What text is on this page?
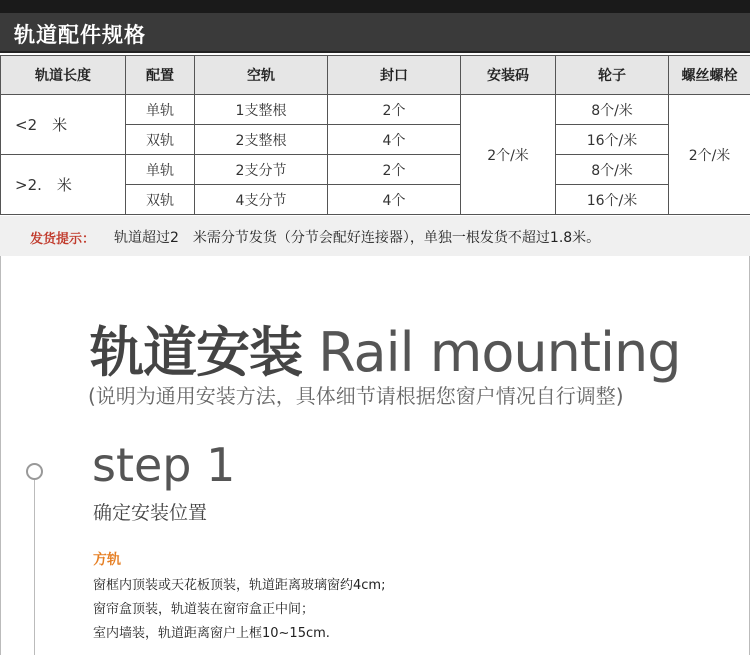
轨道配件规格
轨道长度	配置	空轨	封口	安装码	轮子	螺丝螺栓
<2　米	单轨	1支整根	2个	2个/米	8个/米	2个/米
	双轨	2支整根	4个		16个/米	
>2.　米	单轨	2支分节	2个		8个/米	
	双轨	4支分节	4个		16个/米	
发货提示： 轨道超过2　米需分节发货（分节会配好连接器），单独一根发货不超过1.8米。
轨道安装 Rail mounting
(说明为通用安装方法，具体细节请根据您窗户情况自行调整)
step 1
确定安装位置
方轨
窗框内顶装或天花板顶装，轨道距离玻璃窗约4cm;
窗帘盒顶装，轨道装在窗帘盒正中间；
室内墙装，轨道距离窗户上框10~15cm.
